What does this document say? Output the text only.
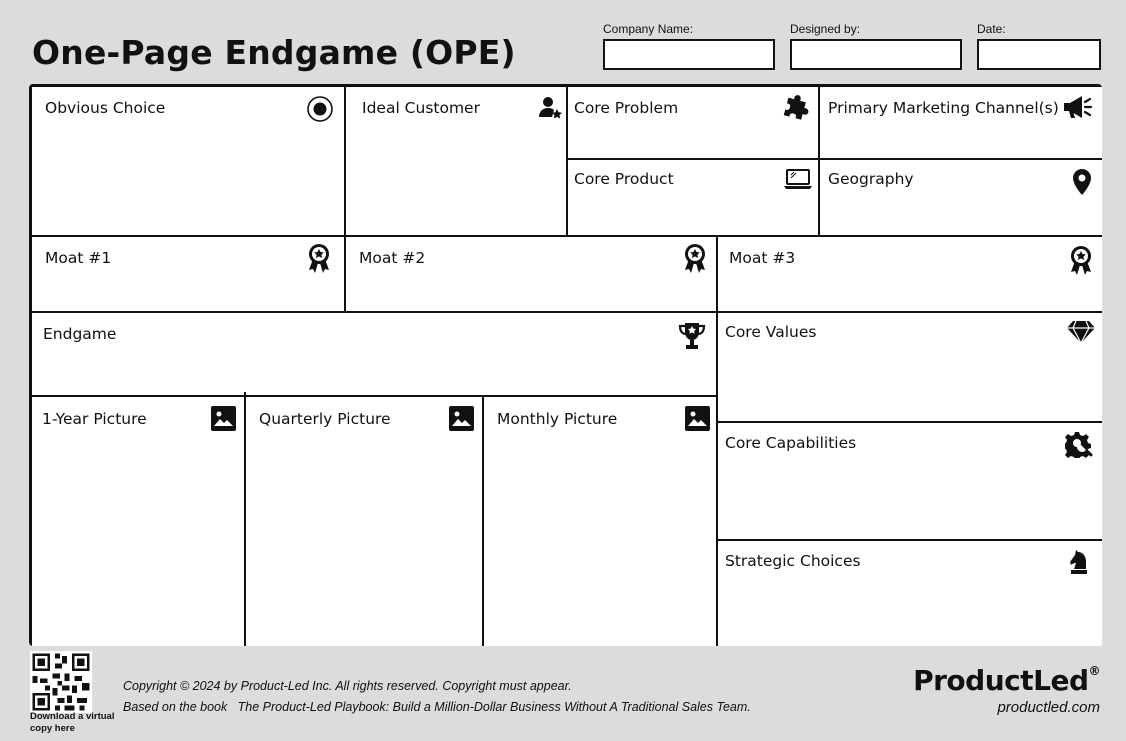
One-Page Endgame (OPE)
Company Name:	Designed by:	Date:
Obvious Choice	Ideal Customer	Core Problem	Primary Marketing Channel(s)
Core Product	Geography
Moat #1	Moat #2	Moat #3
Endgame	Core Values
1-Year Picture	Quarterly Picture	Monthly Picture
Core Capabilities
Strategic Choices
Download a virtual copy here
Copyright © 2024 by Product-Led Inc. All rights reserved. Copyright must appear.
Based on the book   The Product-Led Playbook: Build a Million-Dollar Business Without A Traditional Sales Team.
ProductLed®
productled.com
